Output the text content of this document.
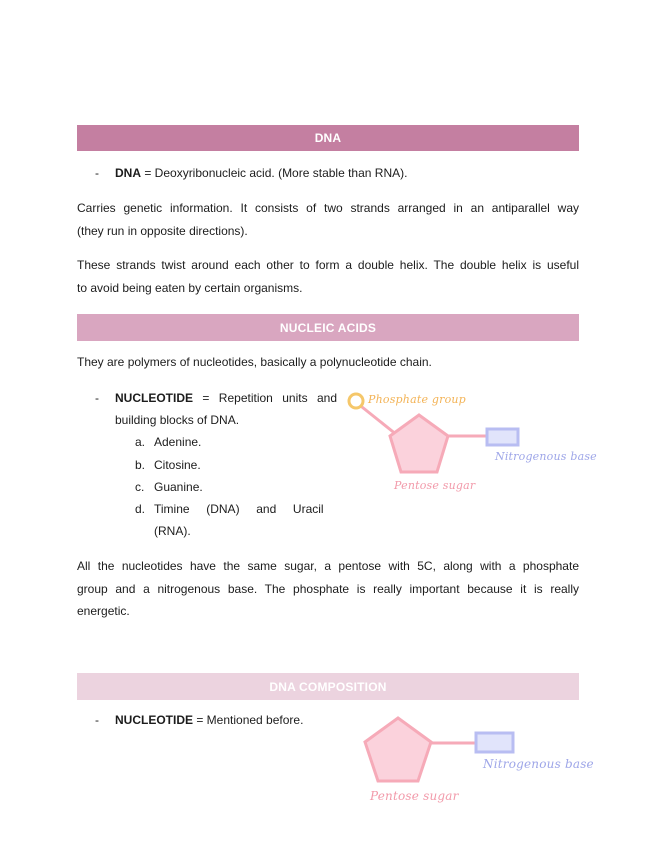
DNA
- DNA = Deoxyribonucleic acid. (More stable than RNA).
Carries genetic information. It consists of two strands arranged in an antiparallel way
(they run in opposite directions).
These strands twist around each other to form a double helix. The double helix is useful
to avoid being eaten by certain organisms.
NUCLEIC ACIDS
They are polymers of nucleotides, basically a polynucleotide chain.
- NUCLEOTIDE = Repetition units and
building blocks of DNA.
a. Adenine.
b. Citosine.
c. Guanine.
d. Timine     (DNA)     and     Uracil
(RNA).
Phosphate group
Pentose sugar
Nitrogenous base
All the nucleotides have the same sugar, a pentose with 5C, along with a phosphate
group and a nitrogenous base. The phosphate is really important because it is really
energetic.
DNA COMPOSITION
- NUCLEOTIDE = Mentioned before.
Pentose sugar
Nitrogenous base
